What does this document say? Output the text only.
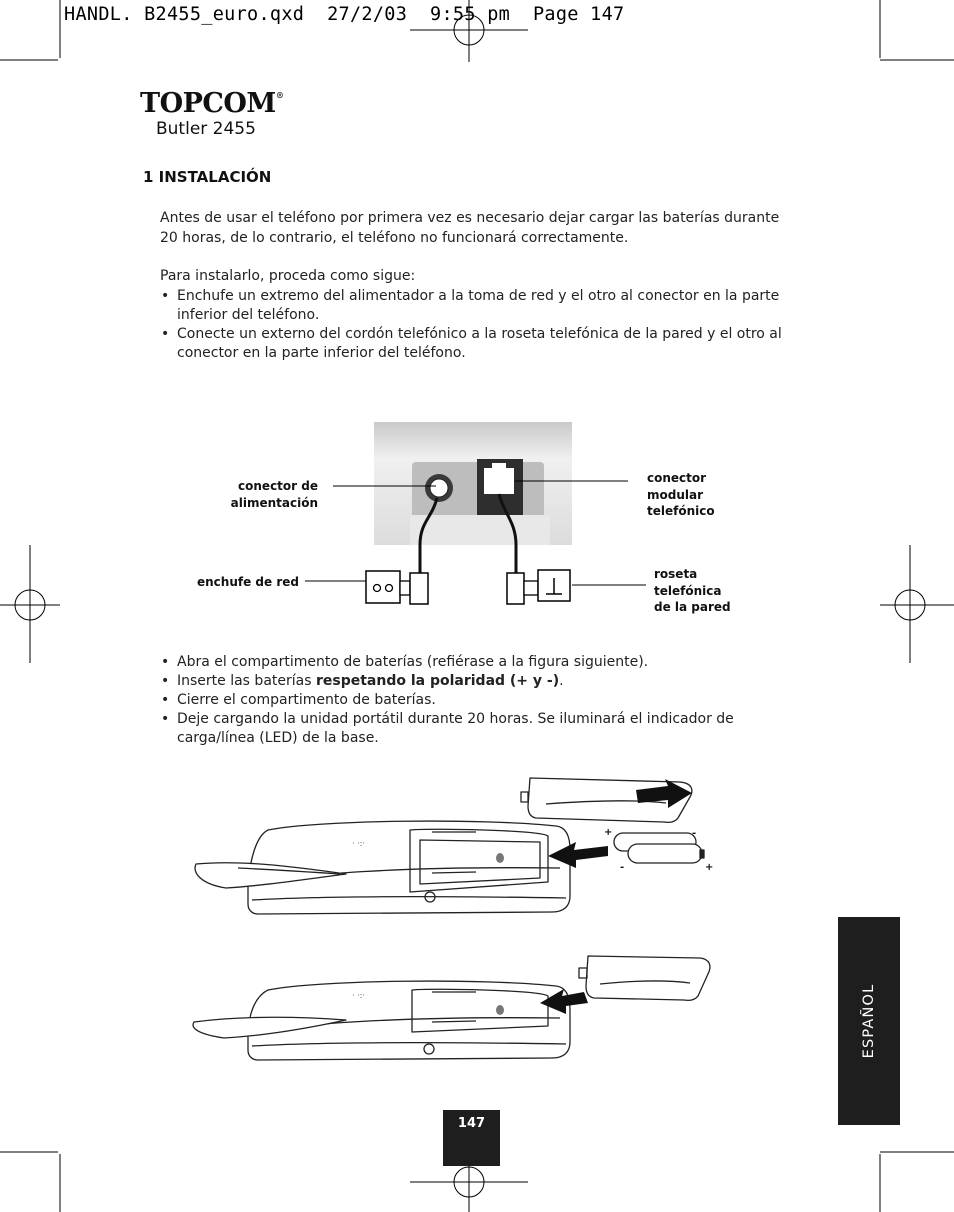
HANDL. B2455_euro.qxd  27/2/03  9:55 pm  Page 147
TOPCOM®
Butler 2455
1 INSTALACIÓN

Antes de usar el teléfono por primera vez es necesario dejar cargar las baterías durante 20 horas, de lo contrario, el teléfono no funcionará correctamente.

Para instalarlo, proceda como sigue:

• Enchufe un extremo del alimentador a la toma de red y el otro al conector en la parte inferior del teléfono.
• Conecte un externo del cordón telefónico a la roseta telefónica de la pared y el otro al conector en la parte inferior del teléfono.
conector de
alimentación
conector
modular
telefónico
enchufe de red
roseta
telefónica
de la pared
• Abra el compartimento de baterías (refiérase a la figura siguiente).
• Inserte las baterías respetando la polaridad (+ y -).
• Cierre el compartimento de baterías.
• Deje cargando la unidad portátil durante 20 horas. Se iluminará el indicador de carga/línea (LED) de la base.
· ·:·
· ·:·
+	-
-	+
ESPAÑOL
147
